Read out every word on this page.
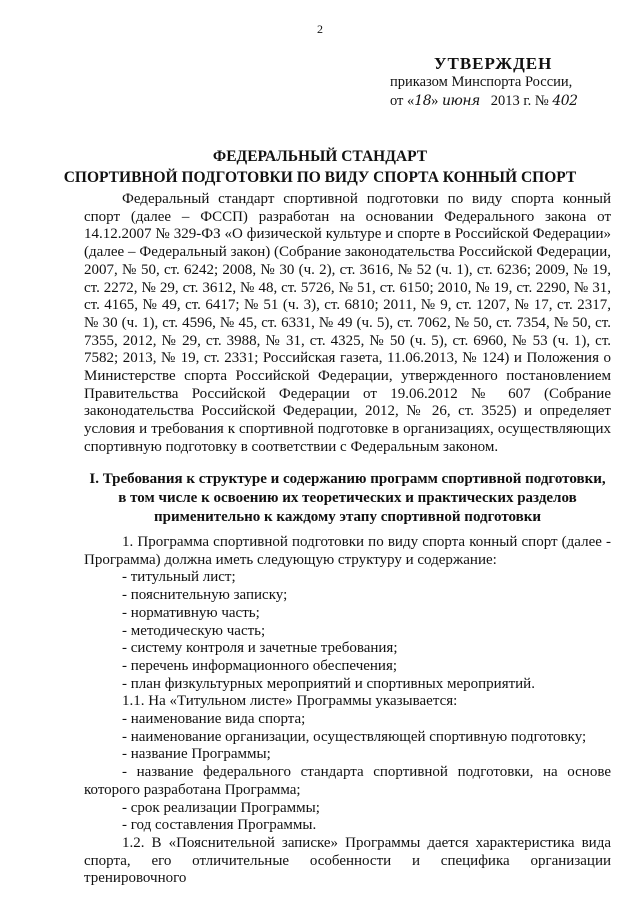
2
УТВЕРЖДЕН
приказом Минспорта России,
от «18» июня 2013 г. № 402
ФЕДЕРАЛЬНЫЙ СТАНДАРТ
СПОРТИВНОЙ ПОДГОТОВКИ ПО ВИДУ СПОРТА КОННЫЙ СПОРТ

Федеральный стандарт спортивной подготовки по виду спорта конный спорт (далее – ФССП) разработан на основании Федерального закона от 14.12.2007 № 329-ФЗ «О физической культуре и спорте в Российской Федерации» (далее – Федеральный закон) (Собрание законодательства Российской Федерации, 2007, № 50, ст. 6242; 2008, № 30 (ч. 2), ст. 3616, № 52 (ч. 1), ст. 6236; 2009, № 19, ст. 2272, № 29, ст. 3612, № 48, ст. 5726, № 51, ст. 6150; 2010, № 19, ст. 2290, № 31, ст. 4165, № 49, ст. 6417; № 51 (ч. 3), ст. 6810; 2011, № 9, ст. 1207, № 17, ст. 2317, № 30 (ч. 1), ст. 4596, № 45, ст. 6331, № 49 (ч. 5), ст. 7062, № 50, ст. 7354, № 50, ст. 7355, 2012, № 29, ст. 3988, № 31, ст. 4325, № 50 (ч. 5), ст. 6960, № 53 (ч. 1), ст. 7582; 2013, № 19, ст. 2331; Российская газета, 11.06.2013, № 124) и Положения о Министерстве спорта Российской Федерации, утвержденного постановлением Правительства Российской Федерации от 19.06.2012 № 607 (Собрание законодательства Российской Федерации, 2012, № 26, ст. 3525) и определяет условия и требования к спортивной подготовке в организациях, осуществляющих спортивную подготовку в соответствии с Федеральным законом.

I. Требования к структуре и содержанию программ спортивной подготовки,
в том числе к освоению их теоретических и практических разделов
применительно к каждому этапу спортивной подготовки

1. Программа спортивной подготовки по виду спорта конный спорт (далее - Программа) должна иметь следующую структуру и содержание:

- титульный лист;
- пояснительную записку;
- нормативную часть;
- методическую часть;
- систему контроля и зачетные требования;
- перечень информационного обеспечения;
- план физкультурных мероприятий и спортивных мероприятий.

1.1. На «Титульном листе» Программы указывается:

- наименование вида спорта;
- наименование организации, осуществляющей спортивную подготовку;
- название Программы;

- название федерального стандарта спортивной подготовки, на основе которого разработана Программа;

- срок реализации Программы;
- год составления Программы.

1.2. В «Пояснительной записке» Программы дается характеристика вида спорта, его отличительные особенности и специфика организации тренировочного
